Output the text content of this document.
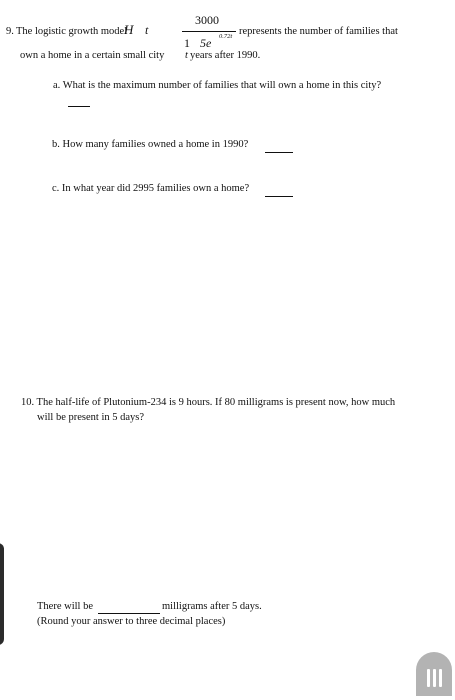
9. The logistic growth model
H t
3000
1 5e 0.72t represents the number of families that
own a home in a certain small city t years after 1990.
a. What is the maximum number of families that will own a home in this city?
b. How many families owned a home in 1990?
c. In what year did 2995 families own a home?
10. The half-life of Plutonium-234 is 9 hours. If 80 milligrams is present now, how much
will be present in 5 days?
There will be	milligrams after 5 days.
(Round your answer to three decimal places)
